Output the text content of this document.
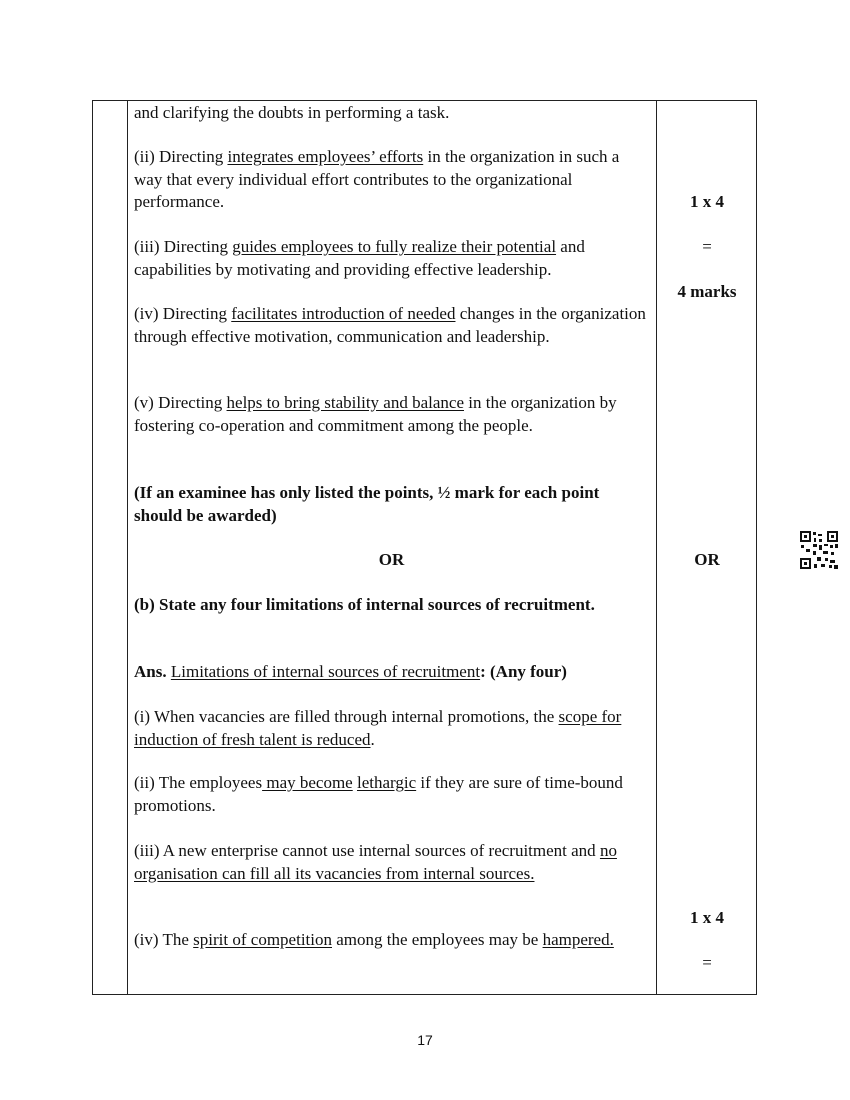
and clarifying the doubts in performing a task.

(ii) Directing integrates employees’ efforts in the organization in such a way that every individual effort contributes to the organizational performance.

(iii) Directing guides employees to fully realize their potential and capabilities by motivating and providing effective leadership.

(iv) Directing facilitates introduction of needed changes in the organization through effective motivation, communication and leadership.

(v) Directing helps to bring stability and balance in the organization by fostering co-operation and commitment among the people.

(If an examinee has only listed the points, ½ mark for each point should be awarded)

OR

(b) State any four limitations of internal sources of recruitment.

Ans. Limitations of internal sources of recruitment: (Any four)

(i) When vacancies are filled through internal promotions, the scope for induction of fresh talent is reduced.

(ii) The employees may become lethargic if they are sure of time-bound promotions.

(iii) A new enterprise cannot use internal sources of recruitment and no organisation can fill all its vacancies from internal sources.

(iv) The spirit of competition among the employees may be hampered.

1 x 4
=
4 marks
OR
1 x 4
=
17
